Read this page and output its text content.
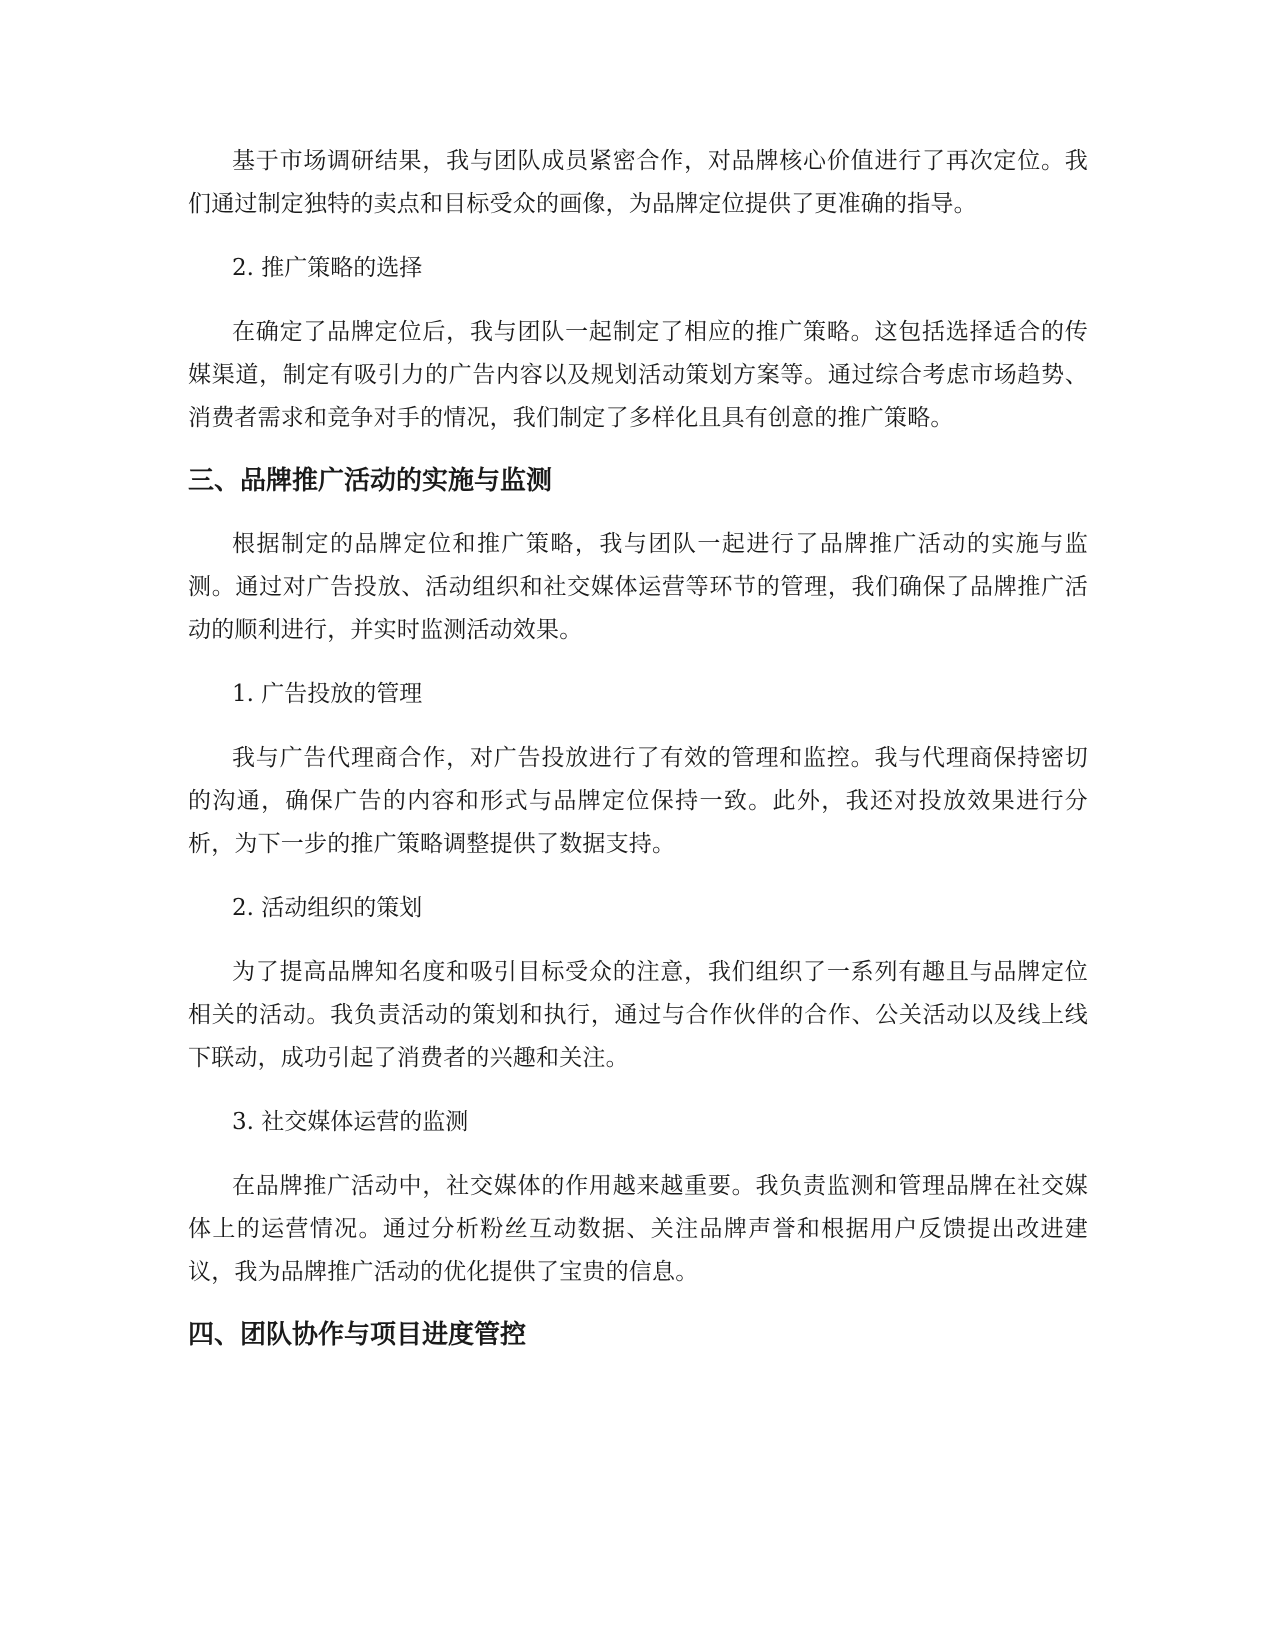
基于市场调研结果，我与团队成员紧密合作，对品牌核心价值进行了再次定位。我们通过制定独特的卖点和目标受众的画像，为品牌定位提供了更准确的指导。

2. 推广策略的选择

在确定了品牌定位后，我与团队一起制定了相应的推广策略。这包括选择适合的传媒渠道，制定有吸引力的广告内容以及规划活动策划方案等。通过综合考虑市场趋势、消费者需求和竞争对手的情况，我们制定了多样化且具有创意的推广策略。

三、品牌推广活动的实施与监测

根据制定的品牌定位和推广策略，我与团队一起进行了品牌推广活动的实施与监测。通过对广告投放、活动组织和社交媒体运营等环节的管理，我们确保了品牌推广活动的顺利进行，并实时监测活动效果。

1. 广告投放的管理

我与广告代理商合作，对广告投放进行了有效的管理和监控。我与代理商保持密切的沟通，确保广告的内容和形式与品牌定位保持一致。此外，我还对投放效果进行分析，为下一步的推广策略调整提供了数据支持。

2. 活动组织的策划

为了提高品牌知名度和吸引目标受众的注意，我们组织了一系列有趣且与品牌定位相关的活动。我负责活动的策划和执行，通过与合作伙伴的合作、公关活动以及线上线下联动，成功引起了消费者的兴趣和关注。

3. 社交媒体运营的监测

在品牌推广活动中，社交媒体的作用越来越重要。我负责监测和管理品牌在社交媒体上的运营情况。通过分析粉丝互动数据、关注品牌声誉和根据用户反馈提出改进建议，我为品牌推广活动的优化提供了宝贵的信息。

四、团队协作与项目进度管控
